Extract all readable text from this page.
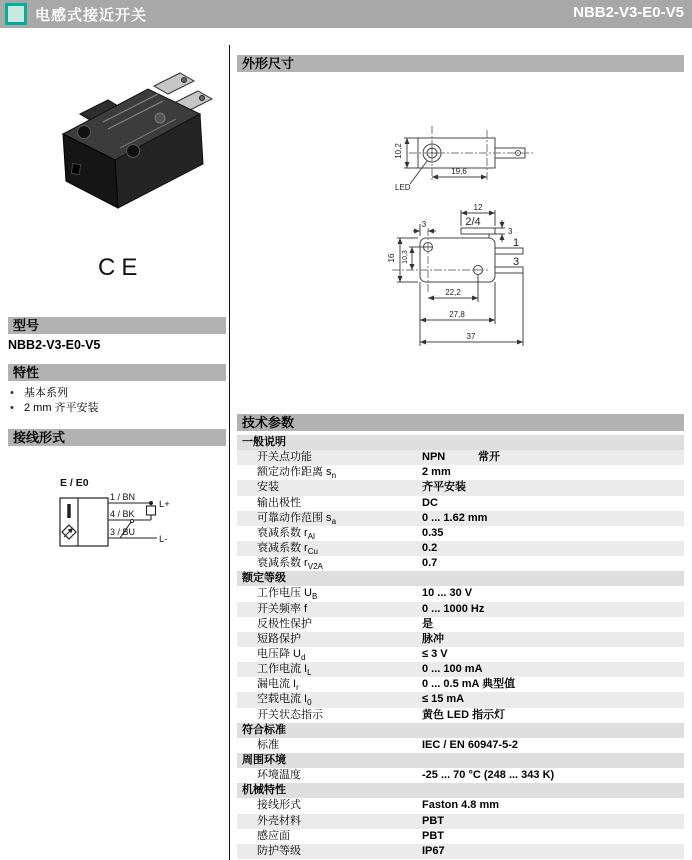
电感式接近开关	NBB2-V3-E0-V5
CE
型号
NBB2-V3-E0-V5
特性
• 基本系列
• 2 mm 齐平安装
接线形式
E / E0
1 / BN
4 / BK
3 / BU
L+
L-
外形尺寸
10,2
19,6
LED
2/4
12
3
3
1
3
16 10,3
22,2
27,8
37
技术参数
一般说明
开关点功能	NPN	常开
额定动作距离 $s_n$	2 mm
安装	齐平安装
输出极性	DC
可靠动作范围 $s_a$	0 ... 1.62 mm
衰减系数 $r_{Al}$	0.35
衰减系数 $r_{Cu}$	0.2
衰减系数 $r_{V2A}$	0.7
额定等级
工作电压 $U_B$	10 ... 30 V
开关频率 f	0 ... 1000 Hz
反极性保护	是
短路保护	脉冲
电压降 $U_d$	≤ 3 V
工作电流 $I_L$	0 ... 100 mA
漏电流 $I_r$	0 ... 0.5 mA 典型值
空载电流 $I_0$	≤ 15 mA
开关状态指示	黄色 LED 指示灯
符合标准
标准	IEC / EN 60947-5-2
周围环境
环境温度	-25 ... 70 °C (248 ... 343 K)
机械特性
接线形式	Faston 4.8 mm
外壳材料	PBT
感应面	PBT
防护等级	IP67
